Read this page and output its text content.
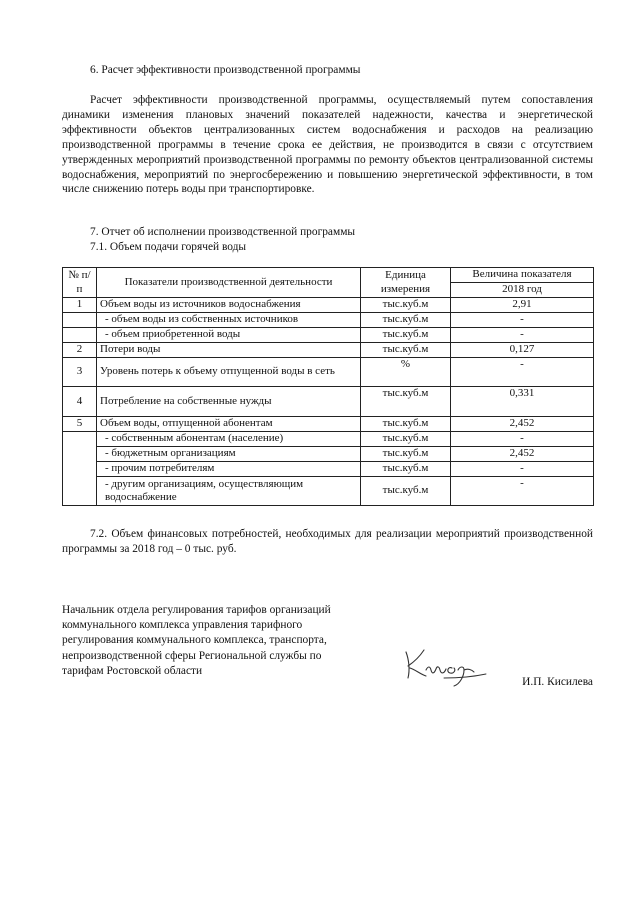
6. Расчет эффективности производственной программы

Расчет эффективности производственной программы, осуществляемый путем сопоставления динамики изменения плановых значений показателей надежности, качества и энергетической эффективности объектов централизованных систем водоснабжения и расходов на реализацию производственной программы в течение срока ее действия, не производится в связи с отсутствием утвержденных мероприятий производственной программы по ремонту объектов централизованной системы водоснабжения, мероприятий по энергосбережению и повышению энергетической эффективности, в том числе снижению потерь воды при транспортировке.

7. Отчет об исполнении производственной программы
7.1. Объем подачи горячей воды
№ п/п	Показатели производственной деятельности	Единица измерения	Величина показателя
			2018 год
1	Объем воды из источников водоснабжения	тыс.куб.м	2,91
	- объем воды из собственных источников	тыс.куб.м	-
	- объем приобретенной воды	тыс.куб.м	-
2	Потери воды	тыс.куб.м	0,127
3	Уровень потерь к объему отпущенной воды в сеть	%	-
4	Потребление на собственные нужды	тыс.куб.м	0,331
5	Объем воды, отпущенной абонентам	тыс.куб.м	2,452
	- собственным абонентам (население)	тыс.куб.м	-
	- бюджетным организациям	тыс.куб.м	2,452
	- прочим потребителям	тыс.куб.м	-
	- другим организациям, осуществляющим водоснабжение	тыс.куб.м	-

7.2. Объем финансовых потребностей, необходимых для реализации мероприятий производственной программы за 2018 год – 0 тыс. руб.

Начальник отдела регулирования тарифов организаций
коммунального комплекса управления тарифного
регулирования коммунального комплекса, транспорта,
непроизводственной сферы Региональной службы по
тарифам Ростовской области
И.П. Кисилева
